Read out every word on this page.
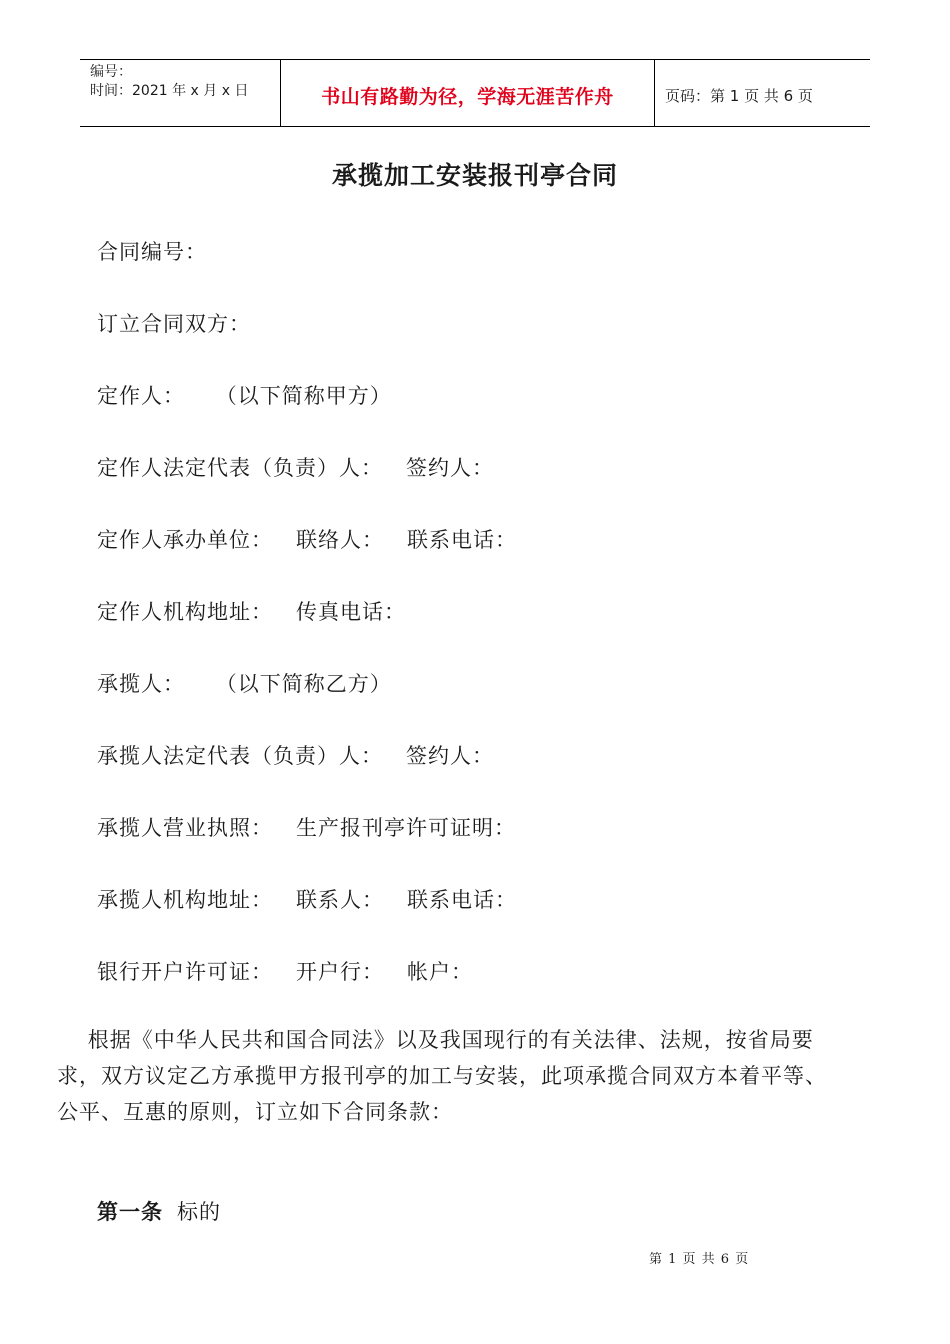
编号：
时间：2021 年 x 月 x 日	书山有路勤为径，学海无涯苦作舟	页码：第 1 页 共 6 页
承揽加工安装报刊亭合同
合同编号：
订立合同双方：
定作人：    （以下简称甲方）
定作人法定代表（负责）人：   签约人：
定作人承办单位：   联络人：   联系电话：
定作人机构地址：   传真电话：
承揽人：    （以下简称乙方）
承揽人法定代表（负责）人：   签约人：
承揽人营业执照：   生产报刊亭许可证明：
承揽人机构地址：   联系人：   联系电话：
银行开户许可证：   开户行：   帐户：
根据《中华人民共和国合同法》以及我国现行的有关法律、法规，按省局要
求，双方议定乙方承揽甲方报刊亭的加工与安装，此项承揽合同双方本着平等、
公平、互惠的原则，订立如下合同条款：
第一条 标的
第 1 页 共 6 页
